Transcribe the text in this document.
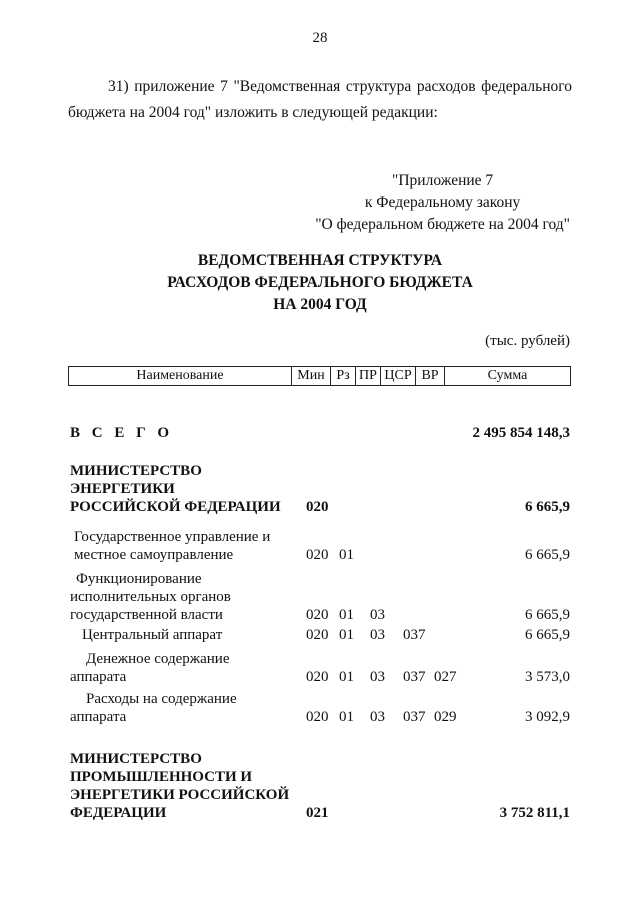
28

31) приложение 7 "Ведомственная структура расходов федерального

бюджета на 2004 год" изложить в следующей редакции:

"Приложение 7
к Федеральному закону
"О федеральном бюджете на 2004 год"
ВЕДОМСТВЕННАЯ СТРУКТУРА
РАСХОДОВ ФЕДЕРАЛЬНОГО БЮДЖЕТА
НА 2004 ГОД
(тыс. рублей)
Наименование	Мин	Рз	ПР	ЦСР	ВР	Сумма
В С Е Г О	2 495 854 148,3
МИНИСТЕРСТВО ЭНЕРГЕТИКИ РОССИЙСКОЙ ФЕДЕРАЦИИ 020	6 665,9
Государственное управление и местное самоуправление	020 01	6 665,9
Функционирование
исполнительных органов
государственной власти	020 01 03	6 665,9
Центральный аппарат	020 01 03 037	6 665,9
Денежное содержание
аппарата	020 01 03 037 027	3 573,0
Расходы на содержание
аппарата	020 01 03 037 029	3 092,9
МИНИСТЕРСТВО ПРОМЫШЛЕННОСТИ И ЭНЕРГЕТИКИ РОССИЙСКОЙ ФЕДЕРАЦИИ	021	3 752 811,1
